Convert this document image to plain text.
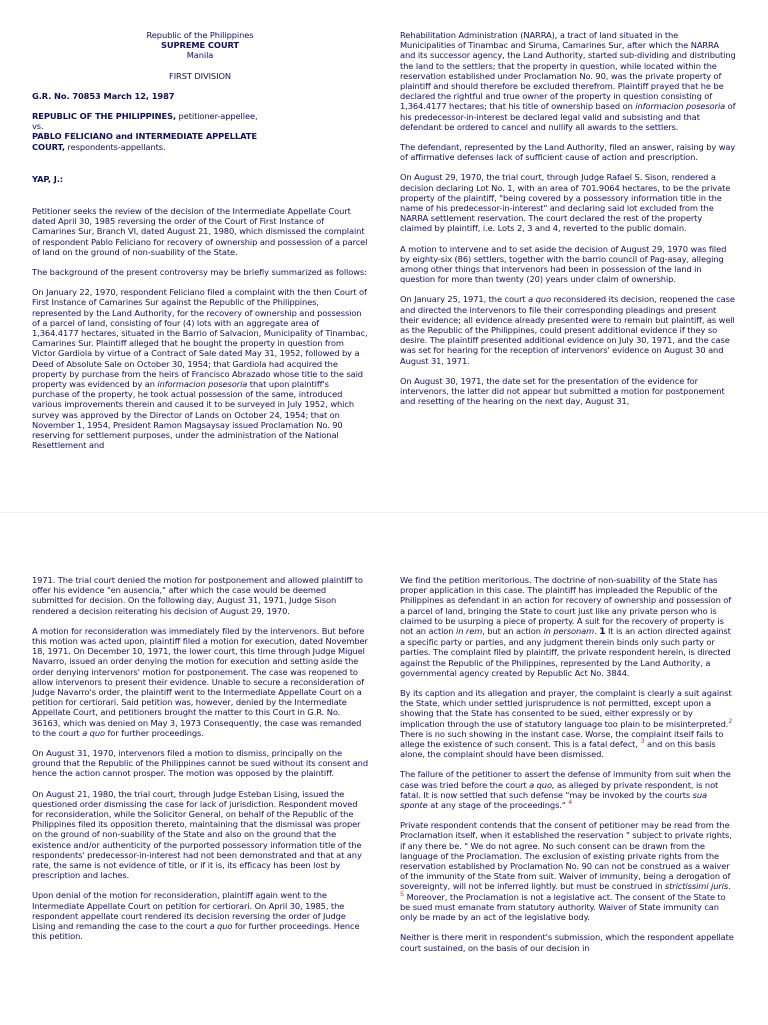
Republic of the Philippines
SUPREME COURT
Manila
FIRST DIVISION

G.R. No. 70853 March 12, 1987

REPUBLIC OF THE PHILIPPINES, petitioner-appellee,
vs.
PABLO FELICIANO and INTERMEDIATE APPELLATE
COURT, respondents-appellants.

YAP, J.:

Petitioner seeks the review of the decision of the Intermediate Appellate Court dated April 30, 1985 reversing the order of the Court of First Instance of Camarines Sur, Branch VI, dated August 21, 1980, which dismissed the complaint of respondent Pablo Feliciano for recovery of ownership and possession of a parcel of land on the ground of non-suability of the State.

The background of the present controversy may be briefly summarized as follows:

On January 22, 1970, respondent Feliciano filed a complaint with the then Court of First Instance of Camarines Sur against the Republic of the Philippines, represented by the Land Authority, for the recovery of ownership and possession of a parcel of land, consisting of four (4) lots with an aggregate area of 1,364.4177 hectares, situated in the Barrio of Salvacion, Municipality of Tinambac, Camarines Sur. Plaintiff alleged that he bought the property in question from Victor Gardiola by virtue of a Contract of Sale dated May 31, 1952, followed by a Deed of Absolute Sale on October 30, 1954; that Gardiola had acquired the property by purchase from the heirs of Francisco Abrazado whose title to the said property was evidenced by an informacion posesoria that upon plaintiff's purchase of the property, he took actual possession of the same, introduced various improvements therein and caused it to be surveyed in July 1952, which survey was approved by the Director of Lands on October 24, 1954; that on November 1, 1954, President Ramon Magsaysay issued Proclamation No. 90 reserving for settlement purposes, under the administration of the National Resettlement and

Rehabilitation Administration (NARRA), a tract of land situated in the Municipalities of Tinambac and Siruma, Camarines Sur, after which the NARRA and its successor agency, the Land Authority, started sub-dividing and distributing the land to the settlers; that the property in question, while located within the reservation established under Proclamation No. 90, was the private property of plaintiff and should therefore be excluded therefrom. Plaintiff prayed that he be declared the rightful and true owner of the property in question consisting of 1,364.4177 hectares; that his title of ownership based on informacion posesoria of his predecessor-in-interest be declared legal valid and subsisting and that defendant be ordered to cancel and nullify all awards to the settlers.

The defendant, represented by the Land Authority, filed an answer, raising by way of affirmative defenses lack of sufficient cause of action and prescription.

On August 29, 1970, the trial court, through Judge Rafael S. Sison, rendered a decision declaring Lot No. 1, with an area of 701.9064 hectares, to be the private property of the plaintiff, "being covered by a possessory information title in the name of his predecessor-in-interest" and declaring said lot excluded from the NARRA settlement reservation. The court declared the rest of the property claimed by plaintiff, i.e. Lots 2, 3 and 4, reverted to the public domain.

A motion to intervene and to set aside the decision of August 29, 1970 was filed by eighty-six (86) settlers, together with the barrio council of Pag-asay, alleging among other things that intervenors had been in possession of the land in question for more than twenty (20) years under claim of ownership.

On January 25, 1971, the court a quo reconsidered its decision, reopened the case and directed the intervenors to file their corresponding pleadings and present their evidence; all evidence already presented were to remain but plaintiff, as well as the Republic of the Philippines, could present additional evidence if they so desire. The plaintiff presented additional evidence on July 30, 1971, and the case was set for hearing for the reception of intervenors' evidence on August 30 and August 31, 1971.

On August 30, 1971, the date set for the presentation of the evidence for intervenors, the latter did not appear but submitted a motion for postponement and resetting of the hearing on the next day, August 31,

1971. The trial court denied the motion for postponement and allowed plaintiff to offer his evidence "en ausencia," after which the case would be deemed submitted for decision. On the following day, August 31, 1971, Judge Sison rendered a decision reiterating his decision of August 29, 1970.

A motion for reconsideration was immediately filed by the intervenors. But before this motion was acted upon, plaintiff filed a motion for execution, dated November 18, 1971. On December 10, 1971, the lower court, this time through Judge Miguel Navarro, issued an order denying the motion for execution and setting aside the order denying intervenors' motion for postponement. The case was reopened to allow intervenors to present their evidence. Unable to secure a reconsideration of Judge Navarro's order, the plaintiff went to the Intermediate Appellate Court on a petition for certiorari. Said petition was, however, denied by the Intermediate Appellate Court, and petitioners brought the matter to this Court in G.R. No. 36163, which was denied on May 3, 1973 Consequently, the case was remanded to the court a quo for further proceedings.

On August 31, 1970, intervenors filed a motion to dismiss, principally on the ground that the Republic of the Philippines cannot be sued without its consent and hence the action cannot prosper. The motion was opposed by the plaintiff.

On August 21, 1980, the trial court, through Judge Esteban Lising, issued the questioned order dismissing the case for lack of jurisdiction. Respondent moved for reconsideration, while the Solicitor General, on behalf of the Republic of the Philippines filed its opposition thereto, maintaining that the dismissal was proper on the ground of non-suability of the State and also on the ground that the existence and/or authenticity of the purported possessory information title of the respondents' predecessor-in-interest had not been demonstrated and that at any rate, the same is not evidence of title, or if it is, its efficacy has been lost by prescription and laches.

Upon denial of the motion for reconsideration, plaintiff again went to the Intermediate Appellate Court on petition for certiorari. On April 30, 1985, the respondent appellate court rendered its decision reversing the order of Judge Lising and remanding the case to the court a quo for further proceedings. Hence this petition.

We find the petition meritorious. The doctrine of non-suability of the State has proper application in this case. The plaintiff has impleaded the Republic of the Philippines as defendant in an action for recovery of ownership and possession of a parcel of land, bringing the State to court just like any private person who is claimed to be usurping a piece of property. A suit for the recovery of property is not an action in rem, but an action in personam. 1 It is an action directed against a specific party or parties, and any judgment therein binds only such party or parties. The complaint filed by plaintiff, the private respondent herein, is directed against the Republic of the Philippines, represented by the Land Authority, a governmental agency created by Republic Act No. 3844.

By its caption and its allegation and prayer, the complaint is clearly a suit against the State, which under settled jurisprudence is not permitted, except upon a showing that the State has consented to be sued, either expressly or by implication through the use of statutory language too plain to be misinterpreted.$^2$ There is no such showing in the instant case. Worse, the complaint itself fails to allege the existence of such consent. This is a fatal defect, $^3$ and on this basis alone, the complaint should have been dismissed.

The failure of the petitioner to assert the defense of immunity from suit when the case was tried before the court a quo, as alleged by private respondent, is not fatal. It is now settled that such defense "may be invoked by the courts sua sponte at any stage of the proceedings." $^4$

Private respondent contends that the consent of petitioner may be read from the Proclamation itself, when it established the reservation " subject to private rights, if any there be. " We do not agree. No such consent can be drawn from the language of the Proclamation. The exclusion of existing private rights from the reservation established by Proclamation No. 90 can not be construed as a waiver of the immunity of the State from suit. Waiver of immunity, being a derogation of sovereignty, will not be inferred lightly. but must be construed in strictissimi juris. $^5$ Moreover, the Proclamation is not a legislative act. The consent of the State to be sued must emanate from statutory authority. Waiver of State immunity can only be made by an act of the legislative body.

Neither is there merit in respondent's submission, which the respondent appellate court sustained, on the basis of our decision in
